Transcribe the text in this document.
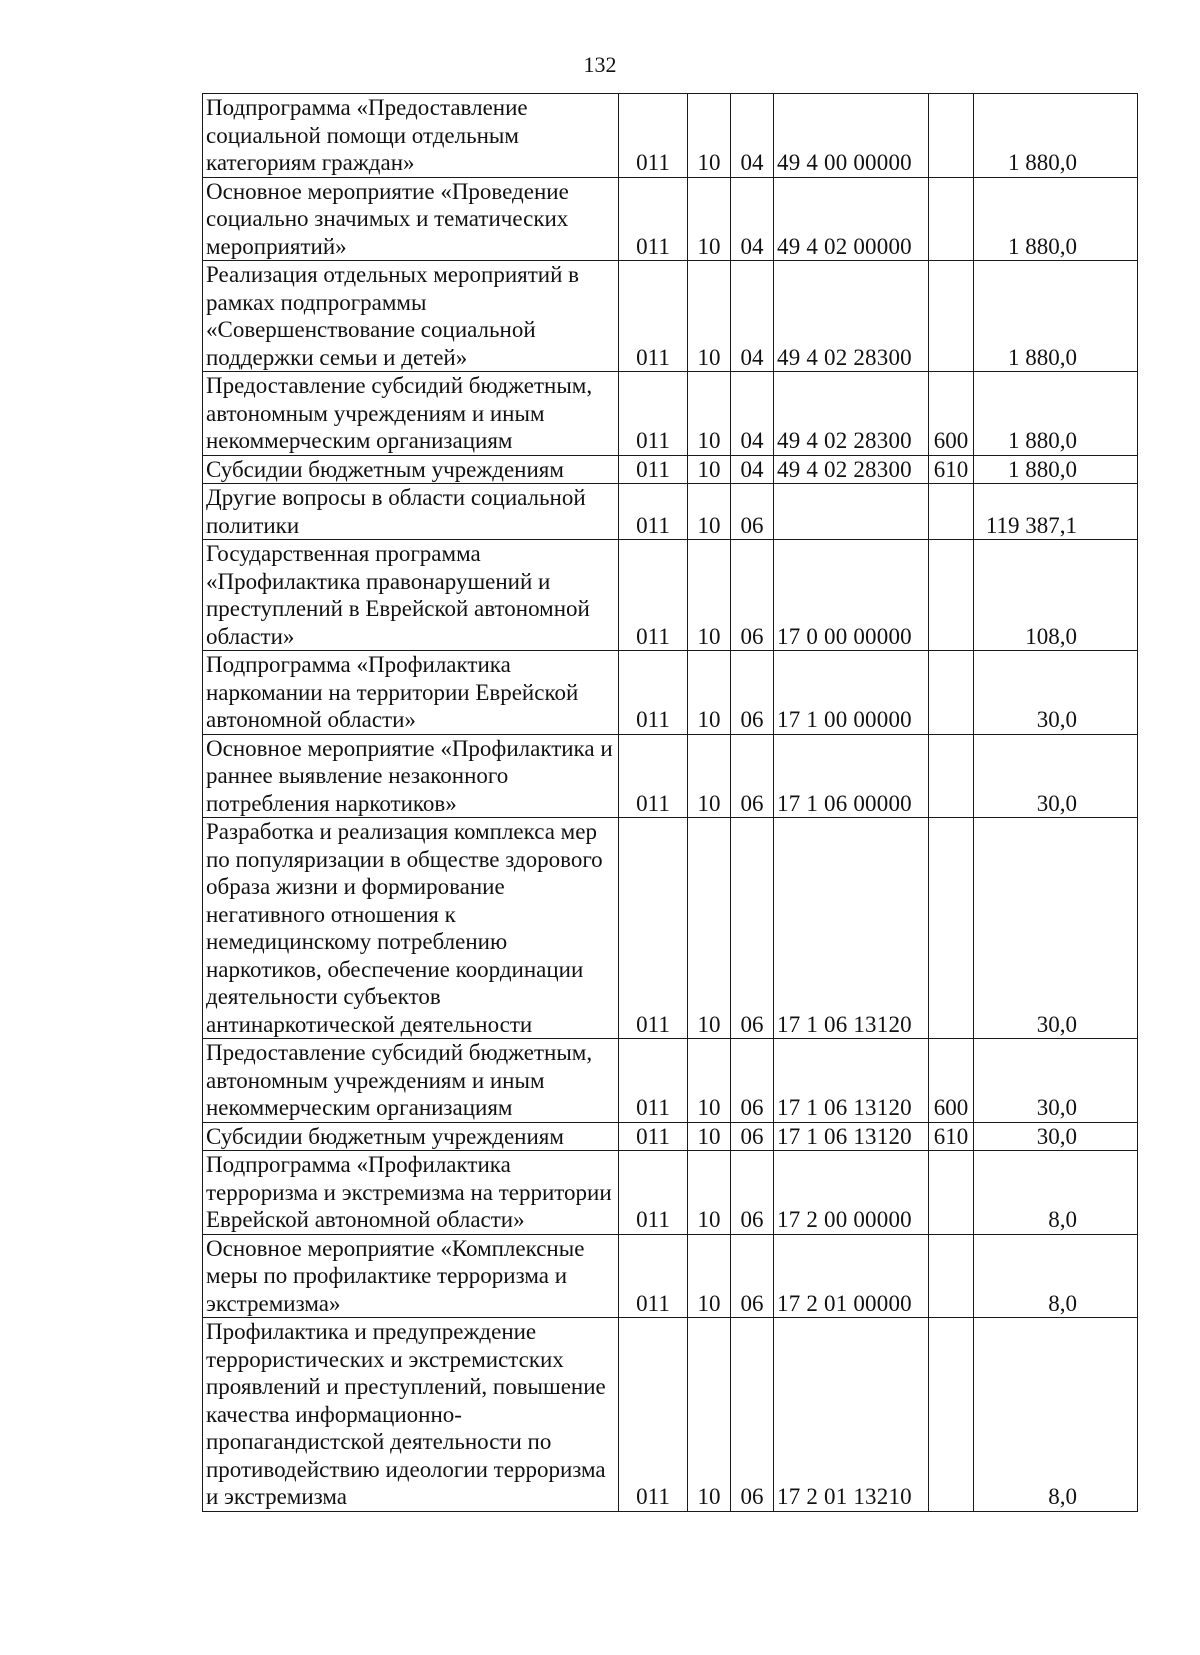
132
Подпрограмма «Предоставление социальной помощи отдельным категориям граждан»	011	10	04	49 4 00 00000		1 880,0
Основное мероприятие «Проведение социально значимых и тематических мероприятий»	011	10	04	49 4 02 00000		1 880,0
Реализация отдельных мероприятий в рамках подпрограммы «Совершенствование социальной поддержки семьи и детей»	011	10	04	49 4 02 28300		1 880,0
Предоставление субсидий бюджетным, автономным учреждениям и иным некоммерческим организациям	011	10	04	49 4 02 28300	600	1 880,0
Субсидии бюджетным учреждениям	011	10	04	49 4 02 28300	610	1 880,0
Другие вопросы в области социальной политики	011	10	06			119 387,1
Государственная программа «Профилактика правонарушений и преступлений в Еврейской автономной области»	011	10	06	17 0 00 00000		108,0
Подпрограмма «Профилактика наркомании на территории Еврейской автономной области»	011	10	06	17 1 00 00000		30,0
Основное мероприятие «Профилактика и раннее выявление незаконного потребления наркотиков»	011	10	06	17 1 06 00000		30,0
Разработка и реализация комплекса мер по популяризации в обществе здорового образа жизни и формирование негативного отношения к немедицинскому потреблению наркотиков, обеспечение координации деятельности субъектов антинаркотической деятельности	011	10	06	17 1 06 13120		30,0
Предоставление субсидий бюджетным, автономным учреждениям и иным некоммерческим организациям	011	10	06	17 1 06 13120	600	30,0
Субсидии бюджетным учреждениям	011	10	06	17 1 06 13120	610	30,0
Подпрограмма «Профилактика терроризма и экстремизма на территории Еврейской автономной области»	011	10	06	17 2 00 00000		8,0
Основное мероприятие «Комплексные меры по профилактике терроризма и экстремизма»	011	10	06	17 2 01 00000		8,0
Профилактика и предупреждение террористических и экстремистских проявлений и преступлений, повышение качества информационно-пропагандистской деятельности по противодействию идеологии терроризма и экстремизма	011	10	06	17 2 01 13210		8,0
